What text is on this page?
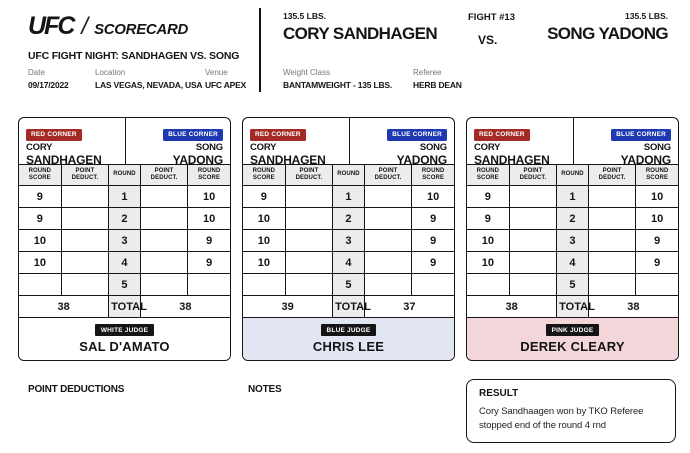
UFC / SCORECARD
UFC FIGHT NIGHT: SANDHAGEN VS. SONG
Date
09/17/2022
Location
LAS VEGAS, NEVADA, USA
Venue
UFC APEX
135.5 LBS.
CORY SANDHAGEN
FIGHT #13
VS.
135.5 LBS.
SONG YADONG
Weight Class
BANTAMWEIGHT - 135 LBS.
Referee
HERB DEAN
RED CORNER
CORY
SANDHAGEN
BLUE CORNER
SONG
YADONG
ROUND SCORE	POINT DEDUCT.	ROUND	POINT DEDUCT.	ROUND SCORE
9		1		10
9		2		10
10		3		9
10		4		9
		5		
38		TOTAL	38	
WHITE JUDGE
SAL D'AMATO
RED CORNER
CORY
SANDHAGEN
BLUE CORNER
SONG
YADONG
ROUND SCORE	POINT DEDUCT.	ROUND	POINT DEDUCT.	ROUND SCORE
9		1		10
10		2		9
10		3		9
10		4		9
		5		
39		TOTAL	37	
BLUE JUDGE
CHRIS LEE
RED CORNER
CORY
SANDHAGEN
BLUE CORNER
SONG
YADONG
ROUND SCORE	POINT DEDUCT.	ROUND	POINT DEDUCT.	ROUND SCORE
9		1		10
9		2		10
10		3		9
10		4		9
		5		
38		TOTAL	38	
PINK JUDGE
DEREK CLEARY
POINT DEDUCTIONS	NOTES	RESULT
Cory Sandhaagen won by TKO Referee
stopped end of the round 4 rnd
